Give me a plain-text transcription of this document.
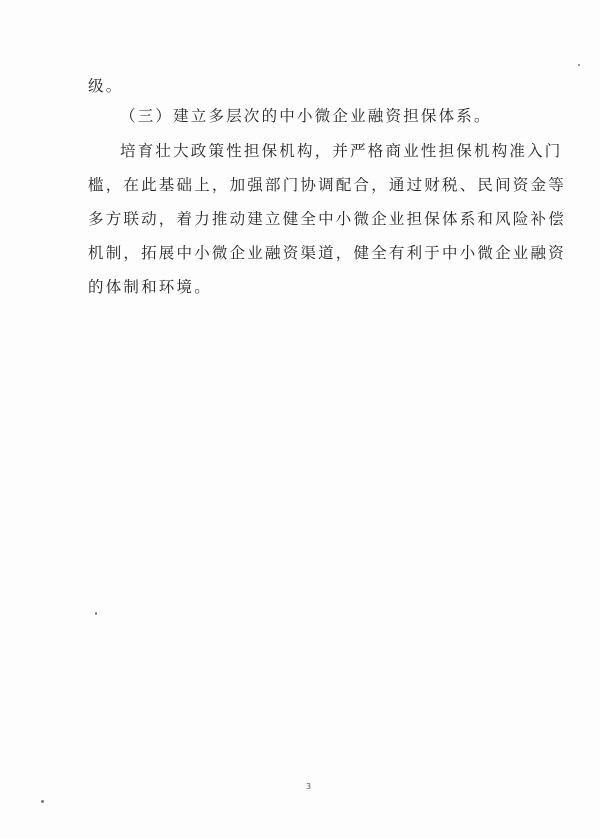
级。
（三）建立多层次的中小微企业融资担保体系。
培育壮大政策性担保机构，并严格商业性担保机构准入门
槛，在此基础上，加强部门协调配合，通过财税、民间资金等
多方联动，着力推动建立健全中小微企业担保体系和风险补偿
机制，拓展中小微企业融资渠道，健全有利于中小微企业融资
的体制和环境。
3
